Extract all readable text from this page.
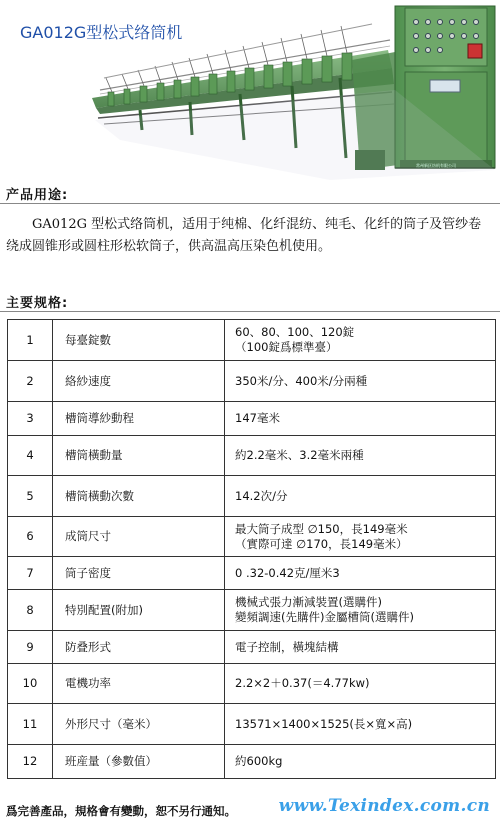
GA012G型松式络筒机
常州新区纺机有限公司
产品用途:

GA012G 型松式络筒机，适用于纯棉、化纤混纺、纯毛、化纤的筒子及管纱卷绕成圆锥形或圆柱形松软筒子，供高温高压染色机使用。

主要规格:
1	每臺錠數	60、80、100、120錠
（100錠爲標準臺）

2	絡紗速度	350米/分、400米/分兩種

3	槽筒導紗動程	147毫米

4	槽筒橫動量	約2.2毫米、3.2毫米兩種

5	槽筒橫動次數	14.2次/分

6	成筒尺寸	最大筒子成型 ∅150，長149毫米
（實際可達 ∅170，長149毫米）

7	筒子密度	0 .32-0.42克/厘米3

8	特別配置(附加)	機械式張力漸減裝置(選購件)
變頻調速(先購件)金屬槽筒(選購件)

9	防叠形式	電子控制，橫塊結構

10	電機功率	2.2×2＋0.37(＝4.77kw)

11	外形尺寸（毫米）	13571×1400×1525(長×寬×高)

12	班産量（參數值）	約600kg
爲完善產品，規格會有變動，恕不另行通知。	www.Texindex.com.cn
